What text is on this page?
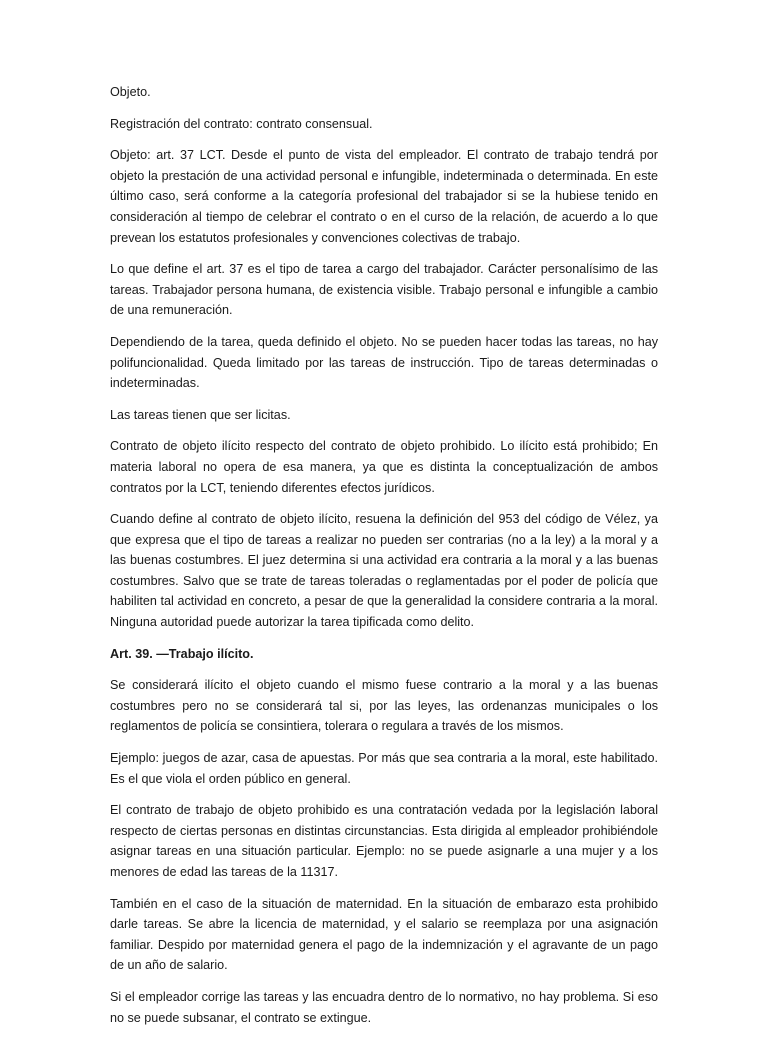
Objeto.

Registración del contrato: contrato consensual.

Objeto: art. 37 LCT. Desde el punto de vista del empleador. El contrato de trabajo tendrá por objeto la prestación de una actividad personal e infungible, indeterminada o determinada. En este último caso, será conforme a la categoría profesional del trabajador si se la hubiese tenido en consideración al tiempo de celebrar el contrato o en el curso de la relación, de acuerdo a lo que prevean los estatutos profesionales y convenciones colectivas de trabajo.

Lo que define el art. 37 es el tipo de tarea a cargo del trabajador. Carácter personalísimo de las tareas. Trabajador persona humana, de existencia visible. Trabajo personal e infungible a cambio de una remuneración.

Dependiendo de la tarea, queda definido el objeto. No se pueden hacer todas las tareas, no hay polifuncionalidad. Queda limitado por las tareas de instrucción. Tipo de tareas determinadas o indeterminadas.

Las tareas tienen que ser licitas.

Contrato de objeto ilícito respecto del contrato de objeto prohibido. Lo ilícito está prohibido; En materia laboral no opera de esa manera, ya que es distinta la conceptualización de ambos contratos por la LCT, teniendo diferentes efectos jurídicos.

Cuando define al contrato de objeto ilícito, resuena la definición del 953 del código de Vélez, ya que expresa que el tipo de tareas a realizar no pueden ser contrarias (no a la ley) a la moral y a las buenas costumbres. El juez determina si una actividad era contraria a la moral y a las buenas costumbres. Salvo que se trate de tareas toleradas o reglamentadas por el poder de policía que habiliten tal actividad en concreto, a pesar de que la generalidad la considere contraria a la moral. Ninguna autoridad puede autorizar la tarea tipificada como delito.

Art. 39. —Trabajo ilícito.

Se considerará ilícito el objeto cuando el mismo fuese contrario a la moral y a las buenas costumbres pero no se considerará tal si, por las leyes, las ordenanzas municipales o los reglamentos de policía se consintiera, tolerara o regulara a través de los mismos.

Ejemplo: juegos de azar, casa de apuestas. Por más que sea contraria a la moral, este habilitado. Es el que viola el orden público en general.

El contrato de trabajo de objeto prohibido es una contratación vedada por la legislación laboral respecto de ciertas personas en distintas circunstancias. Esta dirigida al empleador prohibiéndole asignar tareas en una situación particular. Ejemplo: no se puede asignarle a una mujer y a los menores de edad las tareas de la 11317.

También en el caso de la situación de maternidad. En la situación de embarazo esta prohibido darle tareas. Se abre la licencia de maternidad, y el salario se reemplaza por una asignación familiar. Despido por maternidad genera el pago de la indemnización y el agravante de un pago de un año de salario.

Si el empleador corrige las tareas y las encuadra dentro de lo normativo, no hay problema. Si eso no se puede subsanar, el contrato se extingue.
